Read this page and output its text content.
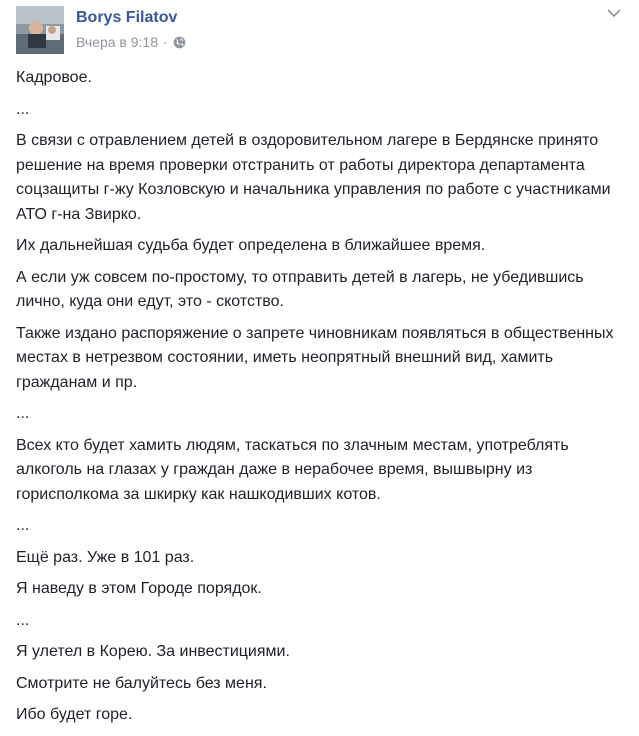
Borys Filatov
Вчера в 9:18 ·

Кадровое.

...

В связи с отравлением детей в оздоровительном лагере в Бердянске принято решение на время проверки отстранить от работы директора департамента соцзащиты г-жу Козловскую и начальника управления по работе с участниками АТО г-на Звирко.

Их дальнейшая судьба будет определена в ближайшее время.

А если уж совсем по-простому, то отправить детей в лагерь, не убедившись лично, куда они едут, это - скотство.

Также издано распоряжение о запрете чиновникам появляться в общественных местах в нетрезвом состоянии, иметь неопрятный внешний вид, хамить гражданам и пр.

...

Всех кто будет хамить людям, таскаться по злачным местам, употреблять алкоголь на глазах у граждан даже в нерабочее время, вышвырну из горисполкома за шкирку как нашкодивших котов.

...

Ещё раз. Уже в 101 раз.

Я наведу в этом Городе порядок.

...

Я улетел в Корею. За инвестициями.

Смотрите не балуйтесь без меня.

Ибо будет горе.
